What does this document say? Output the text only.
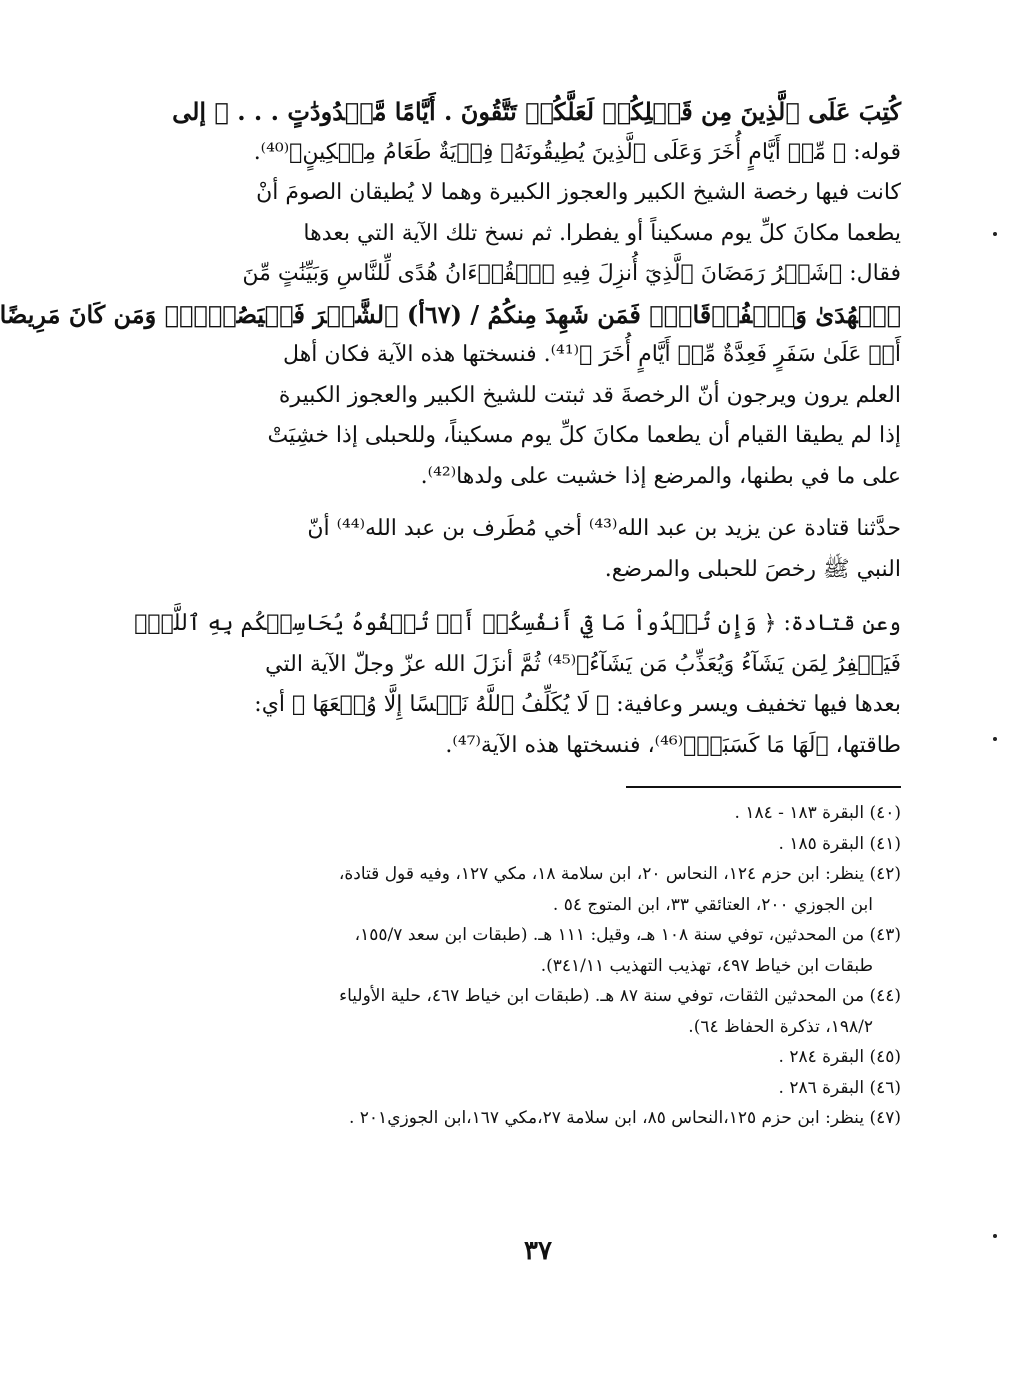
كُتِبَ عَلَى ٱلَّذِينَ مِن قَبۡلِكُمۡ لَعَلَّكُمۡ تَتَّقُونَ . أَيَّامًا مَّعۡدُودَٰتٍ . . . ﴾ إلى
قوله: ﴿ مِّنۡ أَيَّامٍ أُخَرَ وَعَلَى ٱلَّذِينَ يُطِيقُونَهُۥ فِدۡيَةٌ طَعَامُ مِسۡكِينٍ﴾⁽⁴⁰⁾.
كانت فيها رخصة الشيخ الكبير والعجوز الكبيرة وهما لا يُطيقان الصومَ أنْ
يطعما مكانَ كلِّ يوم مسكيناً أو يفطرا. ثم نسخ تلك الآية التي بعدها
فقال: ﴿شَهۡرُ رَمَضَانَ ٱلَّذِيٓ أُنزِلَ فِيهِ ٱلۡقُرۡءَانُ هُدًى لِّلنَّاسِ وَبَيِّنَٰتٍ مِّنَ
ٱلۡهُدَىٰ وَٱلۡفُرۡقَانِۚ فَمَن شَهِدَ مِنكُمُ / (٦٧أ) ٱلشَّهۡرَ فَلۡيَصُمۡهُۖ وَمَن كَانَ مَرِيضًا
أَوۡ عَلَىٰ سَفَرٍ فَعِدَّةٌ مِّنۡ أَيَّامٍ أُخَرَ ﴾⁽⁴¹⁾. فنسختها هذه الآية فكان أهل
العلم يرون ويرجون أنّ الرخصةَ قد ثبتت للشيخ الكبير والعجوز الكبيرة
إذا لم يطيقا القيام أن يطعما مكانَ كلِّ يوم مسكيناً، وللحبلى إذا خشِيَتْ
على ما في بطنها، والمرضع إذا خشيت على ولدها⁽⁴²⁾.

حدَّثنا قتادة عن يزيد بن عبد الله⁽⁴³⁾ أخي مُطَرف بن عبد الله⁽⁴⁴⁾ أنّ
النبي ﷺ رخصَ للحبلى والمرضع.

وعن قتادة: ﴿ وَإِن تُبۡدُواْ مَا فِيٓ أَنفُسِكُمۡ أَوۡ تُخۡفُوهُ يُحَاسِبۡكُم بِهِ ٱللَّهُۖ
فَيَغۡفِرُ لِمَن يَشَآءُ وَيُعَذِّبُ مَن يَشَآءُ﴾⁽⁴⁵⁾ ثُمَّ أنزَلَ الله عزّ وجلّ الآية التي
بعدها فيها تخفيف ويسر وعافية: ﴿ لَا يُكَلِّفُ ٱللَّهُ نَفۡسًا إِلَّا وُسۡعَهَا ﴾ أي:
طاقتها، ﴿لَهَا مَا كَسَبَتۡ﴾⁽⁴⁶⁾، فنسختها هذه الآية⁽⁴⁷⁾.

(٤٠) البقرة ١٨٣ - ١٨٤ .
(٤١) البقرة ١٨٥ .
(٤٢) ينظر: ابن حزم ١٢٤، النحاس ٢٠، ابن سلامة ١٨، مكي ١٢٧، وفيه قول قتادة،
ابن الجوزي ٢٠٠، العتائقي ٣٣، ابن المتوج ٥٤ .
(٤٣) من المحدثين، توفي سنة ١٠٨ هـ، وقيل: ١١١ هـ. (طبقات ابن سعد ١٥٥/٧،
طبقات ابن خياط ٤٩٧، تهذيب التهذيب ٣٤١/١١).
(٤٤) من المحدثين الثقات، توفي سنة ٨٧ هـ. (طبقات ابن خياط ٤٦٧، حلية الأولياء
١٩٨/٢، تذكرة الحفاظ ٦٤).
(٤٥) البقرة ٢٨٤ .
(٤٦) البقرة ٢٨٦ .
(٤٧) ينظر: ابن حزم ١٢٥،النحاس ٨٥، ابن سلامة ٢٧،مكي ١٦٧،ابن الجوزي٢٠١ .
٣٧
